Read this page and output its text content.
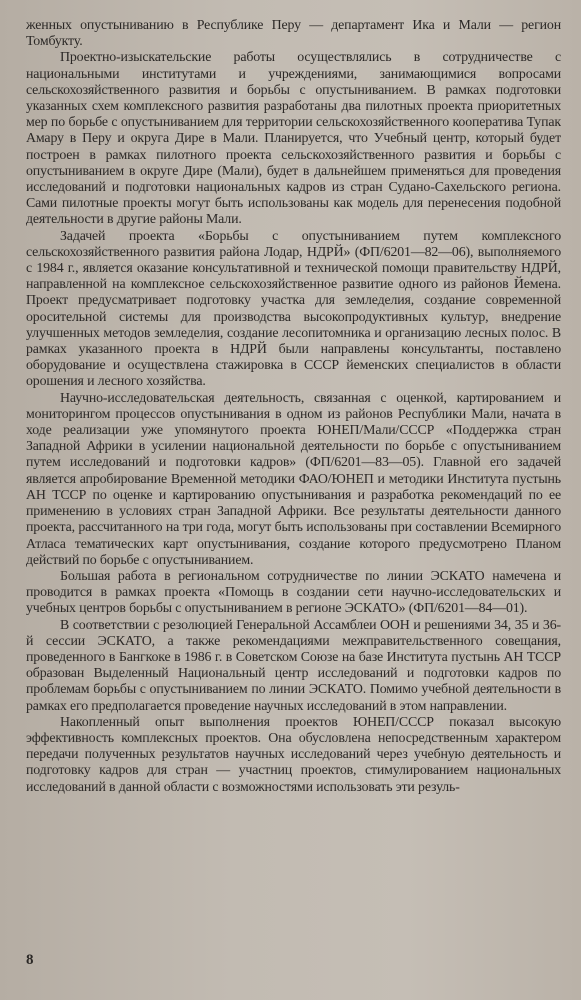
женных опустыниванию в Республике Перу — департамент Ика и Мали — регион Томбукту.

Проектно-изыскательские работы осуществлялись в сотрудничестве с национальными институтами и учреждениями, занимающимися вопросами сельскохозяйственного развития и борьбы с опустыниванием. В рамках подготовки указанных схем комплексного развития разработаны два пилотных проекта приоритетных мер по борьбе с опустыниванием для территории сельскохозяйственного кооператива Тупак Амару в Перу и округа Дире в Мали. Планируется, что Учебный центр, который будет построен в рамках пилотного проекта сельскохозяйственного развития и борьбы с опустыниванием в округе Дире (Мали), будет в дальнейшем применяться для проведения исследований и подготовки национальных кадров из стран Судано-Сахельского региона. Сами пилотные проекты могут быть использованы как модель для перенесения подобной деятельности в другие районы Мали.

Задачей проекта «Борьбы с опустыниванием путем комплексного сельскохозяйственного развития района Лодар, НДРЙ» (ФП/6201—82—06), выполняемого с 1984 г., является оказание консультативной и технической помощи правительству НДРЙ, направленной на комплексное сельскохозяйственное развитие одного из районов Йемена. Проект предусматривает подготовку участка для земледелия, создание современной оросительной системы для производства высокопродуктивных культур, внедрение улучшенных методов земледелия, создание лесопитомника и организацию лесных полос. В рамках указанного проекта в НДРЙ были направлены консультанты, поставлено оборудование и осуществлена стажировка в СССР йеменских специалистов в области орошения и лесного хозяйства.

Научно-исследовательская деятельность, связанная с оценкой, картированием и мониторингом процессов опустынивания в одном из районов Республики Мали, начата в ходе реализации уже упомянутого проекта ЮНЕП/Мали/СССР «Поддержка стран Западной Африки в усилении национальной деятельности по борьбе с опустыниванием путем исследований и подготовки кадров» (ФП/6201—83—05). Главной его задачей является апробирование Временной методики ФАО/ЮНЕП и методики Института пустынь АН ТССР по оценке и картированию опустынивания и разработка рекомендаций по ее применению в условиях стран Западной Африки. Все результаты деятельности данного проекта, рассчитанного на три года, могут быть использованы при составлении Всемирного Атласа тематических карт опустынивания, создание которого предусмотрено Планом действий по борьбе с опустыниванием.

Большая работа в региональном сотрудничестве по линии ЭСКАТО намечена и проводится в рамках проекта «Помощь в создании сети научно-исследовательских и учебных центров борьбы с опустыниванием в регионе ЭСКАТО» (ФП/6201—84—01).

В соответствии с резолюцией Генеральной Ассамблеи ООН и решениями 34, 35 и 36-й сессии ЭСКАТО, а также рекомендациями межправительственного совещания, проведенного в Бангкоке в 1986 г. в Советском Союзе на базе Института пустынь АН ТССР образован Выделенный Национальный центр исследований и подготовки кадров по проблемам борьбы с опустыниванием по линии ЭСКАТО. Помимо учебной деятельности в рамках его предполагается проведение научных исследований в этом направлении.

Накопленный опыт выполнения проектов ЮНЕП/СССР показал высокую эффективность комплексных проектов. Она обусловлена непосредственным характером передачи полученных результатов научных исследований через учебную деятельность и подготовку кадров для стран — участниц проектов, стимулированием национальных исследований в данной области с возможностями использовать эти резуль-

8
